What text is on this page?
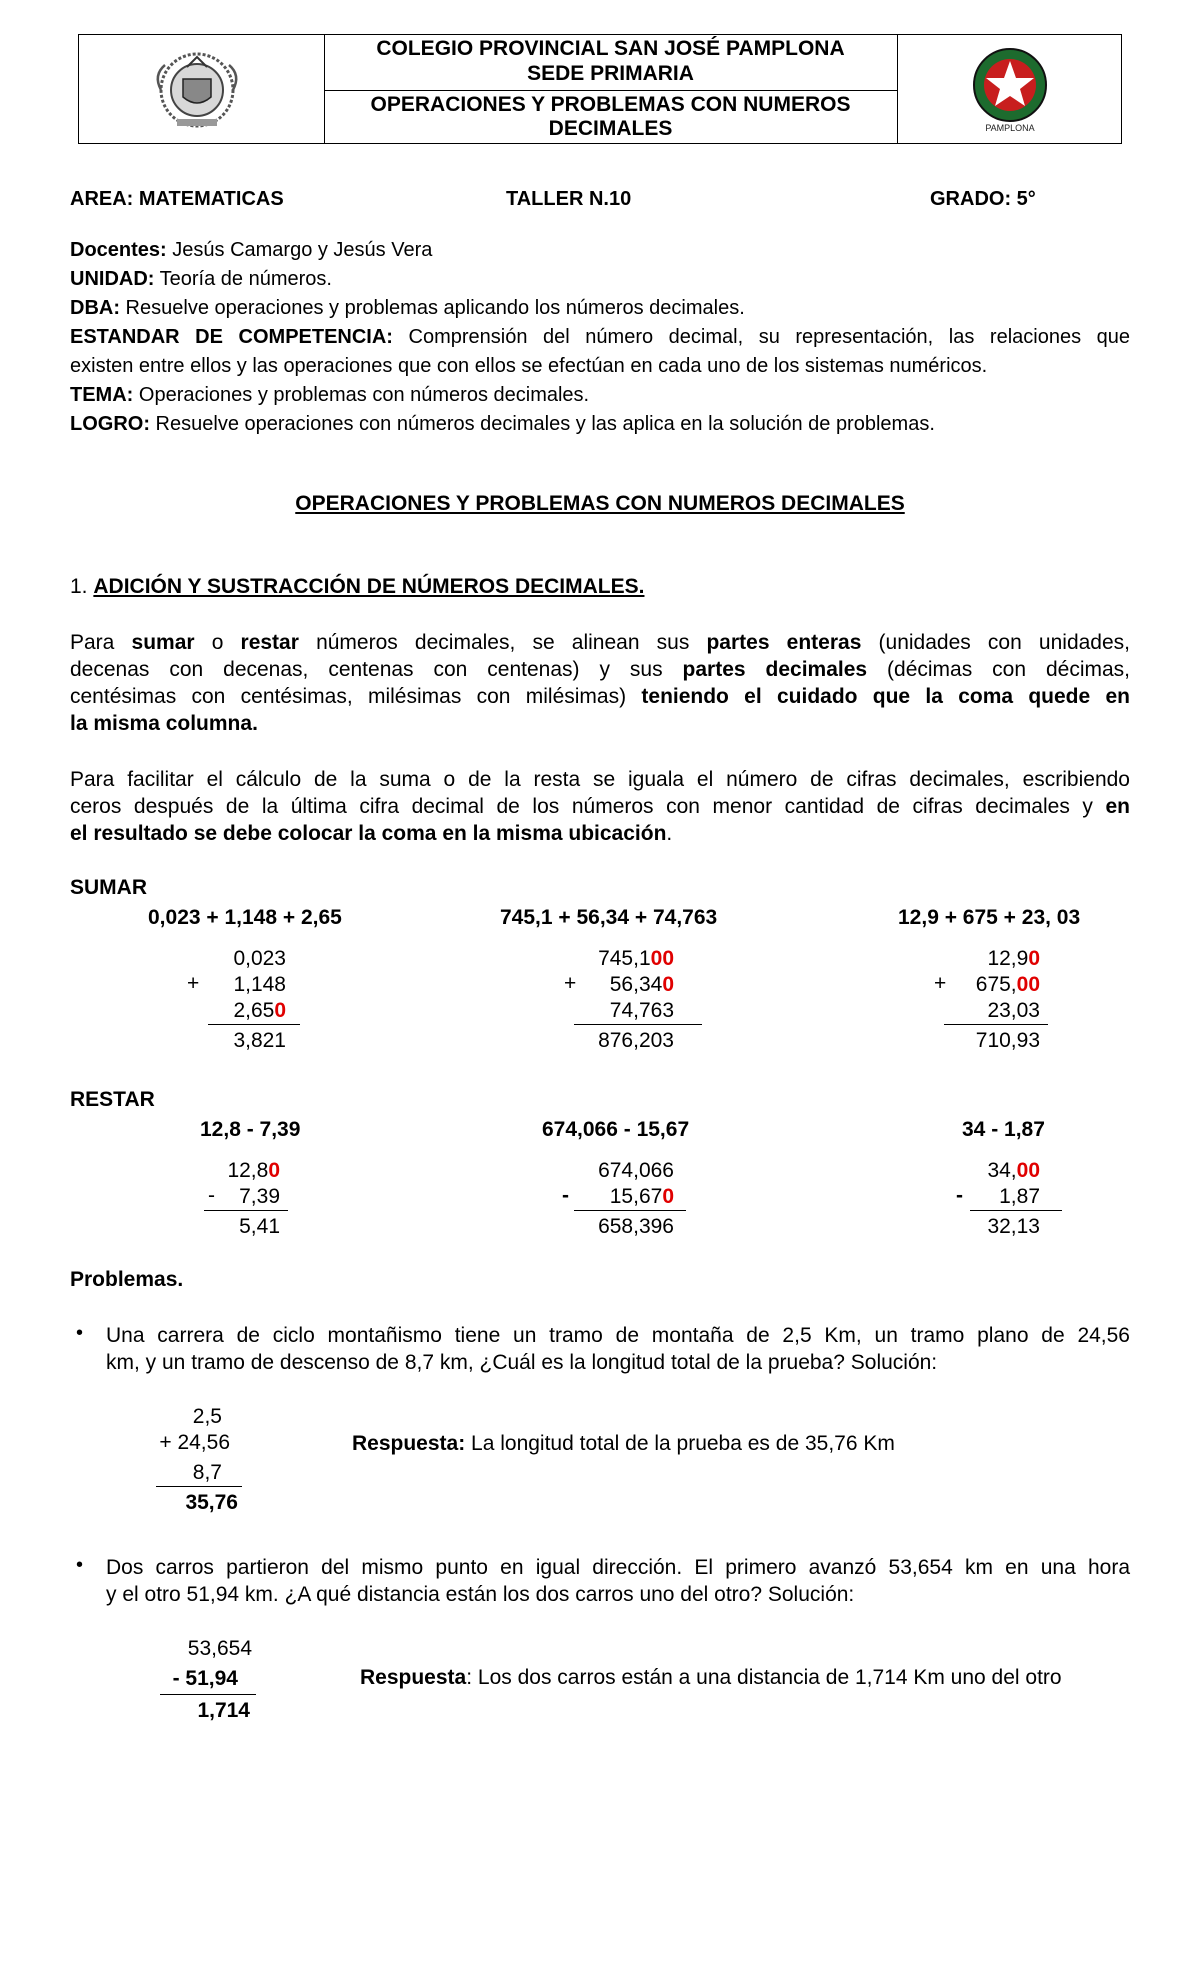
COLEGIO PROVINCIAL SAN JOSÉ PAMPLONA
SEDE PRIMARIA
OPERACIONES Y PROBLEMAS CON NUMEROS
DECIMALES	PAMPLONA
AREA: MATEMATICAS	TALLER N.10	GRADO: 5°
Docentes: Jesús Camargo y Jesús Vera
UNIDAD: Teoría de números.
DBA: Resuelve operaciones y problemas aplicando los números decimales.
ESTANDAR DE COMPETENCIA: Comprensión del número decimal, su representación, las relaciones que
existen entre ellos y las operaciones que con ellos se efectúan en cada uno de los sistemas numéricos.
TEMA: Operaciones y problemas con números decimales.
LOGRO: Resuelve operaciones con números decimales y las aplica en la solución de problemas.
OPERACIONES Y PROBLEMAS CON NUMEROS DECIMALES
1. ADICIÓN Y SUSTRACCIÓN DE NÚMEROS DECIMALES.
Para sumar o restar números decimales, se alinean sus partes enteras (unidades con unidades,
decenas con decenas, centenas con centenas) y sus partes decimales (décimas con décimas,
centésimas con centésimas, milésimas con milésimas) teniendo el cuidado que la coma quede en
la misma columna.
Para facilitar el cálculo de la suma o de la resta se iguala el número de cifras decimales, escribiendo
ceros después de la última cifra decimal de los números con menor cantidad de cifras decimales y en
el resultado se debe colocar la coma en la misma ubicación.
SUMAR
0,023 + 1,148 + 2,65	745,1 + 56,34 + 74,763	12,9 + 675 + 23, 03
0,023
+	1,148
2,650
3,821
745,100
+	56,340
74,763
876,203
12,90
+	675,00
23,03
710,93
RESTAR
12,8 - 7,39	674,066 - 15,67	34 - 1,87
12,80
-	7,39
5,41
674,066
-	15,670
658,396
34,00
-	1,87
32,13
Problemas.
• Una carrera de ciclo montañismo tiene un tramo de montaña de 2,5 Km, un tramo plano de 24,56
km, y un tramo de descenso de 8,7 km, ¿Cuál es la longitud total de la prueba? Solución:
2,5
+ 24,56
8,7
35,76
Respuesta: La longitud total de la prueba es de 35,76 Km
• Dos carros partieron del mismo punto en igual dirección. El primero avanzó 53,654 km en una hora
y el otro 51,94 km. ¿A qué distancia están los dos carros uno del otro? Solución:
53,654
- 51,94
1,714
Respuesta: Los dos carros están a una distancia de 1,714 Km uno del otro
